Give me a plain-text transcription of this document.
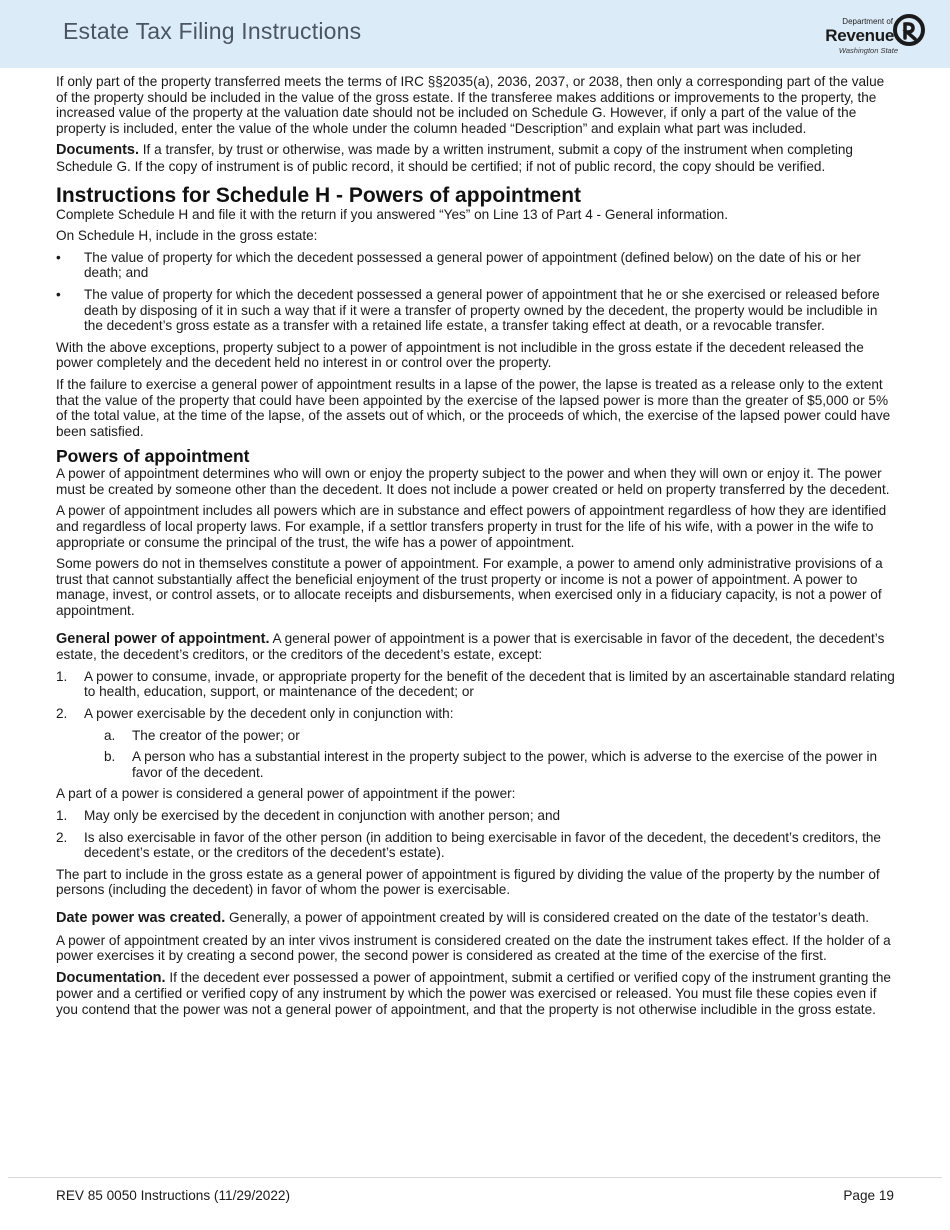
Estate Tax Filing Instructions	Department of
Revenue
Washington State

If only part of the property transferred meets the terms of IRC §§2035(a), 2036, 2037, or 2038, then only a corresponding part of the value of the property should be included in the value of the gross estate. If the transferee makes additions or improvements to the property, the increased value of the property at the valuation date should not be included on Schedule G. However, if only a part of the value of the property is included, enter the value of the whole under the column headed “Description” and explain what part was included.

Documents. If a transfer, by trust or otherwise, was made by a written instrument, submit a copy of the instrument when completing Schedule G. If the copy of instrument is of public record, it should be certified; if not of public record, the copy should be verified.

Instructions for Schedule H - Powers of appointment

Complete Schedule H and file it with the return if you answered “Yes” on Line 13 of Part 4 - General information.

On Schedule H, include in the gross estate:

• The value of property for which the decedent possessed a general power of appointment (defined below) on the date of his or her death; and
• The value of property for which the decedent possessed a general power of appointment that he or she exercised or released before death by disposing of it in such a way that if it were a transfer of property owned by the decedent, the property would be includible in the decedent’s gross estate as a transfer with a retained life estate, a transfer taking effect at death, or a revocable transfer.

With the above exceptions, property subject to a power of appointment is not includible in the gross estate if the decedent released the power completely and the decedent held no interest in or control over the property.

If the failure to exercise a general power of appointment results in a lapse of the power, the lapse is treated as a release only to the extent that the value of the property that could have been appointed by the exercise of the lapsed power is more than the greater of $5,000 or 5% of the total value, at the time of the lapse, of the assets out of which, or the proceeds of which, the exercise of the lapsed power could have been satisfied.

Powers of appointment

A power of appointment determines who will own or enjoy the property subject to the power and when they will own or enjoy it. The power must be created by someone other than the decedent. It does not include a power created or held on property transferred by the decedent.

A power of appointment includes all powers which are in substance and effect powers of appointment regardless of how they are identified and regardless of local property laws. For example, if a settlor transfers property in trust for the life of his wife, with a power in the wife to appropriate or consume the principal of the trust, the wife has a power of appointment.

Some powers do not in themselves constitute a power of appointment. For example, a power to amend only administrative provisions of a trust that cannot substantially affect the beneficial enjoyment of the trust property or income is not a power of appointment. A power to manage, invest, or control assets, or to allocate receipts and disbursements, when exercised only in a fiduciary capacity, is not a power of appointment.

General power of appointment. A general power of appointment is a power that is exercisable in favor of the decedent, the decedent’s estate, the decedent’s creditors, or the creditors of the decedent’s estate, except:

1. A power to consume, invade, or appropriate property for the benefit of the decedent that is limited by an ascertainable standard relating to health, education, support, or maintenance of the decedent; or
2. A power exercisable by the decedent only in conjunction with:
a. The creator of the power; or
b. A person who has a substantial interest in the property subject to the power, which is adverse to the exercise of the power in favor of the decedent.

A part of a power is considered a general power of appointment if the power:

1. May only be exercised by the decedent in conjunction with another person; and
2. Is also exercisable in favor of the other person (in addition to being exercisable in favor of the decedent, the decedent’s creditors, the decedent’s estate, or the creditors of the decedent’s estate).

The part to include in the gross estate as a general power of appointment is figured by dividing the value of the property by the number of persons (including the decedent) in favor of whom the power is exercisable.

Date power was created. Generally, a power of appointment created by will is considered created on the date of the testator’s death.

A power of appointment created by an inter vivos instrument is considered created on the date the instrument takes effect. If the holder of a power exercises it by creating a second power, the second power is considered as created at the time of the exercise of the first.

Documentation. If the decedent ever possessed a power of appointment, submit a certified or verified copy of the instrument granting the power and a certified or verified copy of any instrument by which the power was exercised or released. You must file these copies even if you contend that the power was not a general power of appointment, and that the property is not otherwise includible in the gross estate.

REV 85 0050 Instructions (11/29/2022)	Page 19
